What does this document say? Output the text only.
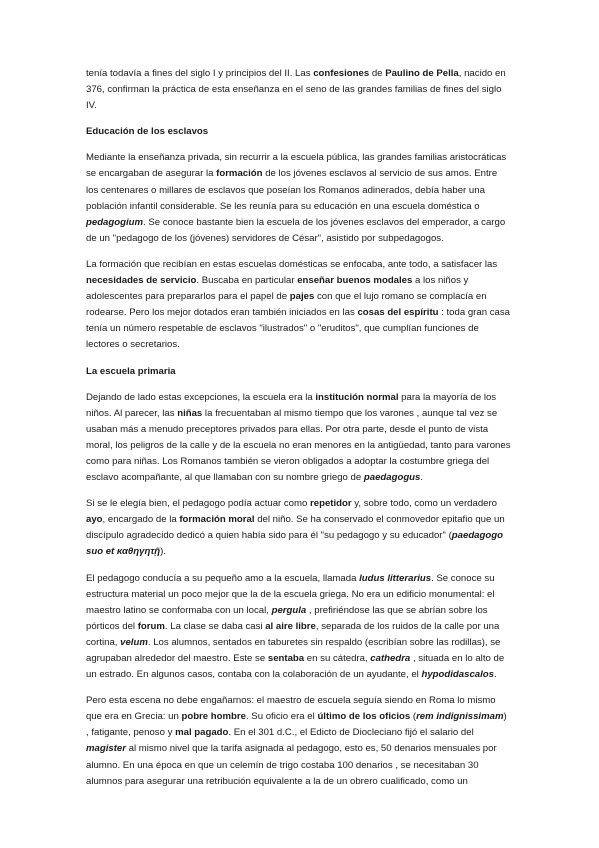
tenía todavía a fines del siglo I y principios del II. Las confesiones de Paulino de Pella, nacido en 376, confirman la práctica de esta enseñanza en el seno de las grandes familias de fines del siglo IV.

Educación de los esclavos

Mediante la enseñanza privada, sin recurrir a la escuela pública, las grandes familias aristocráticas se encargaban de asegurar la formación de los jóvenes esclavos al servicio de sus amos. Entre los centenares o millares de esclavos que poseían los Romanos adinerados, debía haber una población infantil considerable. Se les reunía para su educación en una escuela doméstica o pedagogium. Se conoce bastante bien la escuela de los jóvenes esclavos del emperador, a cargo de un "pedagogo de los (jóvenes) servidores de César", asistido por subpedagogos.

La formación que recibían en estas escuelas domésticas se enfocaba, ante todo, a satisfacer las necesidades de servicio. Buscaba en particular enseñar buenos modales a los niños y adolescentes para prepararlos para el papel de pajes con que el lujo romano se complacía en rodearse. Pero los mejor dotados eran también iniciados en las cosas del espíritu : toda gran casa tenía un número respetable de esclavos "ilustrados" o "eruditos", que cumplían funciones de lectores o secretarios.

La escuela primaria

Dejando de lado estas excepciones, la escuela era la institución normal para la mayoría de los niños. Al parecer, las niñas la frecuentaban al mismo tiempo que los varones , aunque tal vez se usaban más a menudo preceptores privados para ellas. Por otra parte, desde el punto de vista moral, los peligros de la calle y de la escuela no eran menores en la antigüedad, tanto para varones como para niñas. Los Romanos también se vieron obligados a adoptar la costumbre griega del esclavo acompañante, al que llamaban con su nombre griego de paedagogus.

Si se le elegía bien, el pedagogo podía actuar como repetidor y, sobre todo, como un verdadero ayo, encargado de la formación moral del niño. Se ha conservado el conmovedor epitafio que un discípulo agradecido dedicó a quien había sido para él "su pedagogo y su educador" (paedagogo suo et καθηγητῇ).

El pedagogo conducía a su pequeño amo a la escuela, llamada ludus litterarius. Se conoce su estructura material un poco mejor que la de la escuela griega. No era un edificio monumental: el maestro latino se conformaba con un local, pergula , prefiriéndose las que se abrían sobre los pórticos del forum. La clase se daba casi al aire libre, separada de los ruidos de la calle por una cortina, velum. Los alumnos, sentados en taburetes sin respaldo (escribían sobre las rodillas), se agrupaban alrededor del maestro. Este se sentaba en su cátedra, cathedra , situada en lo alto de un estrado. En algunos casos, contaba con la colaboración de un ayudante, el hypodidascalos.

Pero esta escena no debe engañarnos: el maestro de escuela seguía siendo en Roma lo mismo que era en Grecia: un pobre hombre. Su oficio era el último de los oficios (rem indignissimam) , fatigante, penoso y mal pagado. En el 301 d.C., el Edicto de Diocleciano fijó el salario del magister al mismo nivel que la tarifa asignada al pedagogo, esto es, 50 denarios mensuales por alumno. En una época en que un celemín de trigo costaba 100 denarios , se necesitaban 30 alumnos para asegurar una retribución equivalente a la de un obrero cualificado, como un
